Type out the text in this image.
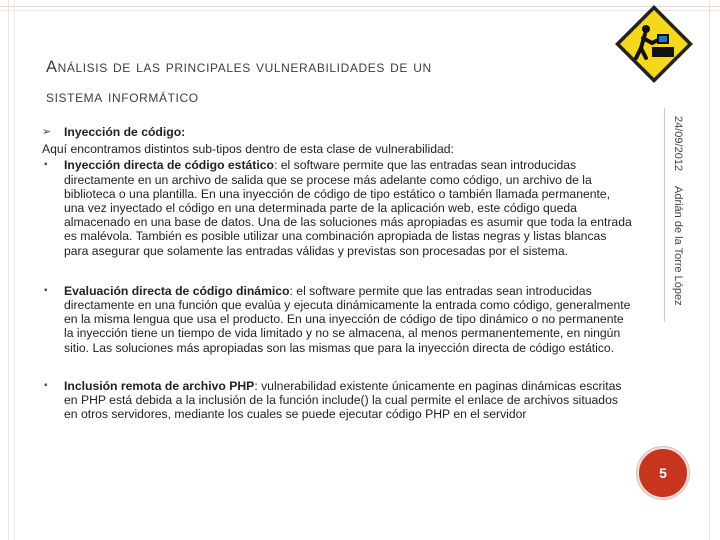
Análisis de las principales vulnerabilidades de un
sistema informático
24/09/2012
Adrián de la Torre López
5
➢ Inyección de código:
Aquí encontramos distintos sub-tipos dentro de esta clase de vulnerabilidad:
▪ Inyección directa de código estático: el software permite que las entradas sean introducidas directamente en un archivo de salida que se procese más adelante como código, un archivo de la biblioteca o una plantilla. En una inyección de código de tipo estático o también llamada permanente, una vez inyectado el código en una determinada parte de la aplicación web, este código queda almacenado en una base de datos. Una de las soluciones más apropiadas es asumir que toda la entrada es malévola. También es posible utilizar una combinación apropiada de listas negras y listas blancas para asegurar que solamente las entradas válidas y previstas son procesadas por el sistema.
▪ Evaluación directa de código dinámico: el software permite que las entradas sean introducidas directamente en una función que evalúa y ejecuta dinámicamente la entrada como código, generalmente en la misma lengua que usa el producto. En una inyección de código de tipo dinámico o no permanente la inyección tiene un tiempo de vida limitado y no se almacena, al menos permanentemente, en ningún sitio. Las soluciones más apropiadas son las mismas que para la inyección directa de código estático.
▪ Inclusión remota de archivo PHP: vulnerabilidad existente únicamente en paginas dinámicas escritas en PHP está debida a la inclusión de la función include() la cual permite el enlace de archivos situados en otros servidores, mediante los cuales se puede ejecutar código PHP en el servidor
